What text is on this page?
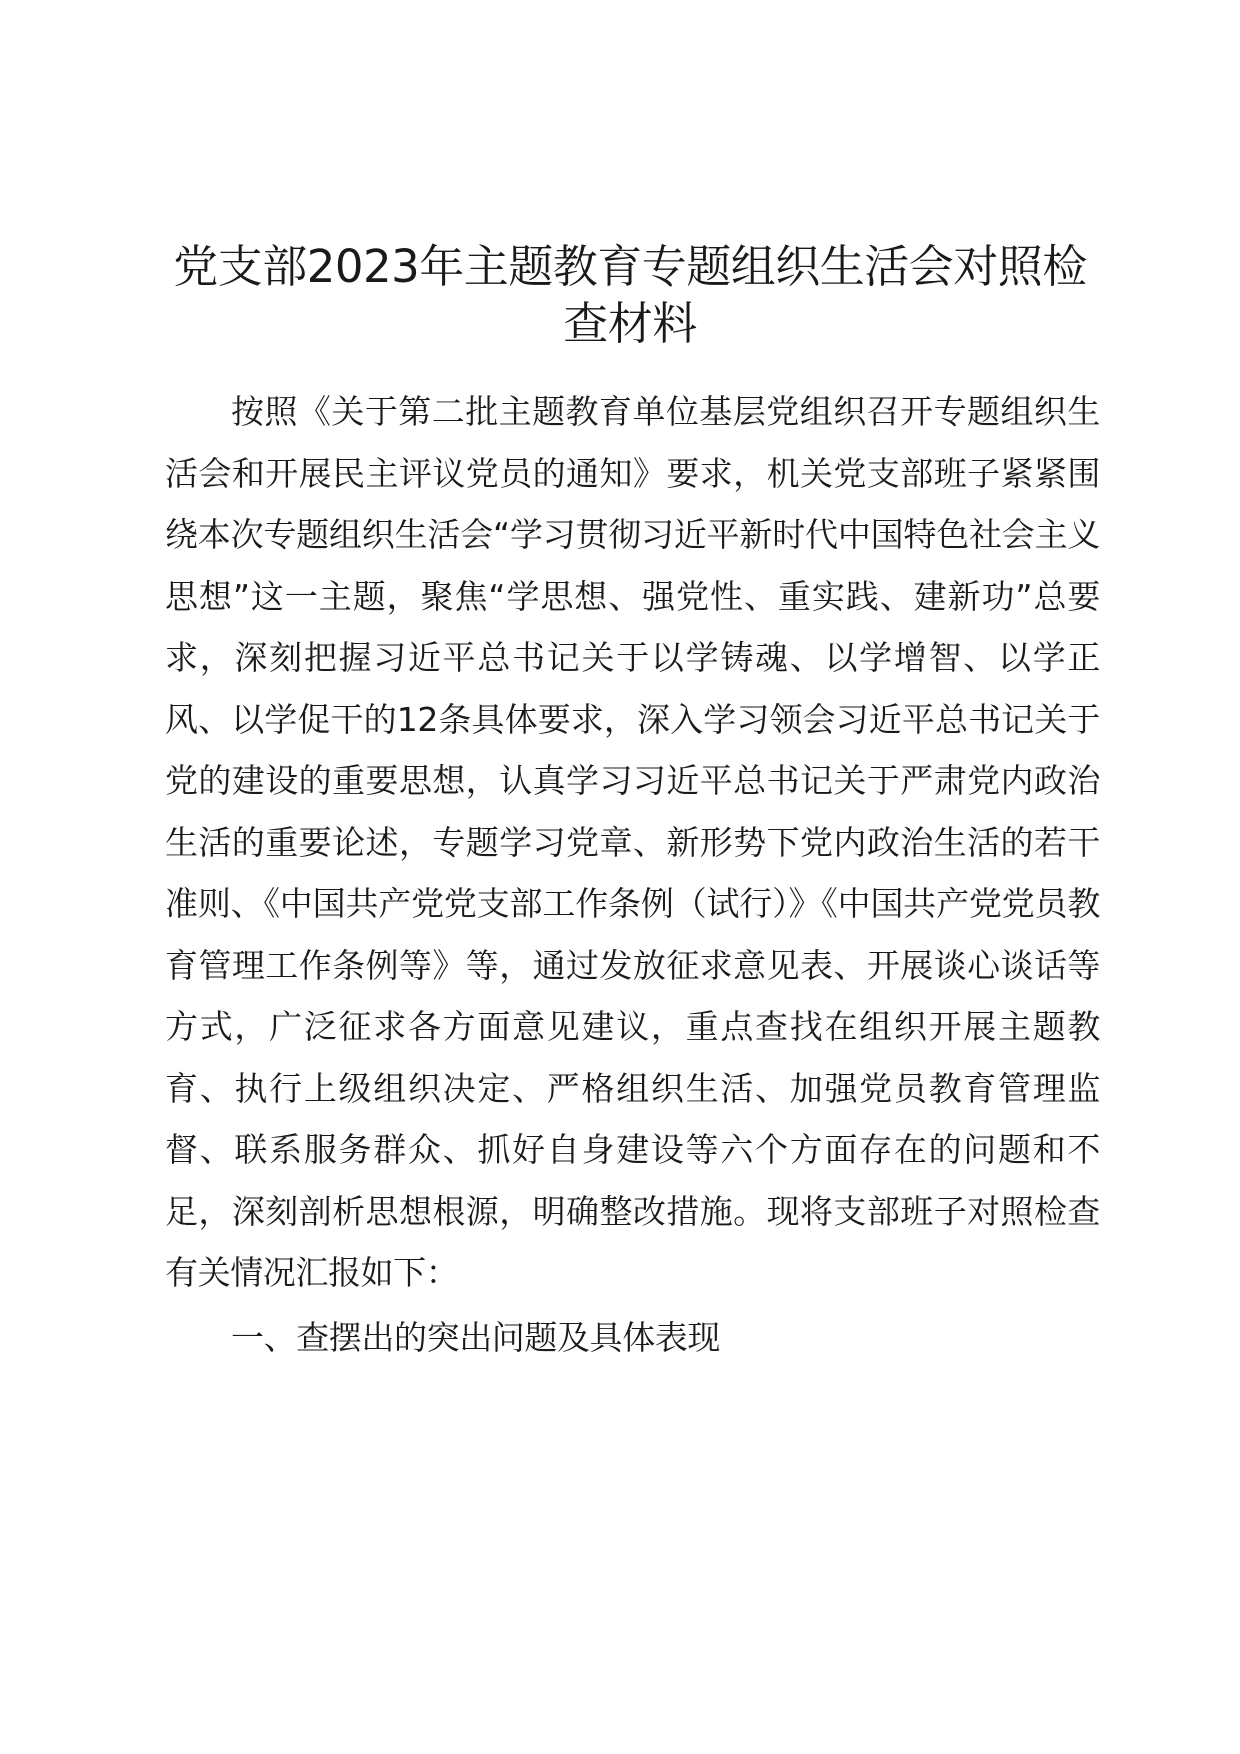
党支部2023年主题教育专题组织生活会对照检查材料

按照《关于第二批主题教育单位基层党组织召开专题组织生活会和开展民主评议党员的通知》要求，机关党支部班子紧紧围绕本次专题组织生活会“学习贯彻习近平新时代中国特色社会主义思想”这一主题，聚焦“学思想、强党性、重实践、建新功”总要求，深刻把握习近平总书记关于以学铸魂、以学增智、以学正风、以学促干的12条具体要求，深入学习领会习近平总书记关于党的建设的重要思想，认真学习习近平总书记关于严肃党内政治生活的重要论述，专题学习党章、新形势下党内政治生活的若干准则、《中国共产党党支部工作条例（试行）》《中国共产党党员教育管理工作条例等》等，通过发放征求意见表、开展谈心谈话等方式，广泛征求各方面意见建议，重点查找在组织开展主题教育、执行上级组织决定、严格组织生活、加强党员教育管理监督、联系服务群众、抓好自身建设等六个方面存在的问题和不足，深刻剖析思想根源，明确整改措施。现将支部班子对照检查有关情况汇报如下：

一、查摆出的突出问题及具体表现
